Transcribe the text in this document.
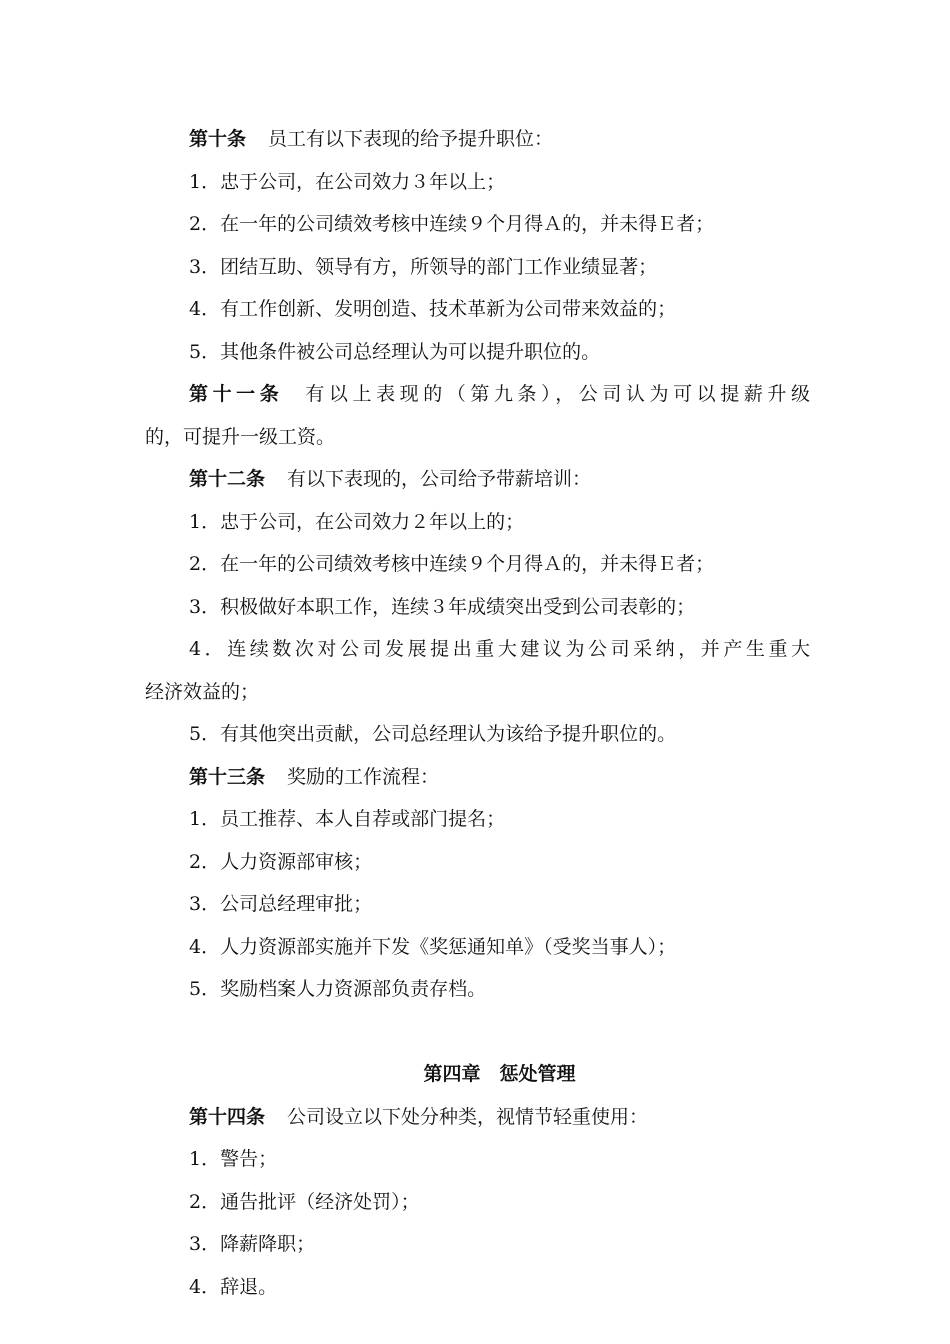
第十条 员工有以下表现的给予提升职位：

1．忠于公司，在公司效力３年以上；

2．在一年的公司绩效考核中连续９个月得Ａ的，并未得Ｅ者；

3．团结互助、领导有方，所领导的部门工作业绩显著；

4．有工作创新、发明创造、技术革新为公司带来效益的；

5．其他条件被公司总经理认为可以提升职位的。

第十一条 有以上表现的（第九条），公司认为可以提薪升级

的，可提升一级工资。

第十二条 有以下表现的，公司给予带薪培训：

1．忠于公司，在公司效力２年以上的；

2．在一年的公司绩效考核中连续９个月得Ａ的，并未得Ｅ者；

3．积极做好本职工作，连续３年成绩突出受到公司表彰的；

4．连续数次对公司发展提出重大建议为公司采纳，并产生重大

经济效益的；

5．有其他突出贡献，公司总经理认为该给予提升职位的。

第十三条 奖励的工作流程：

1．员工推荐、本人自荐或部门提名；

2．人力资源部审核；

3．公司总经理审批；

4．人力资源部实施并下发《奖惩通知单》（受奖当事人）；

5．奖励档案人力资源部负责存档。

第四章　惩处管理

第十四条 公司设立以下处分种类，视情节轻重使用：

1．警告；

2．通告批评（经济处罚）；

3．降薪降职；

4．辞退。
